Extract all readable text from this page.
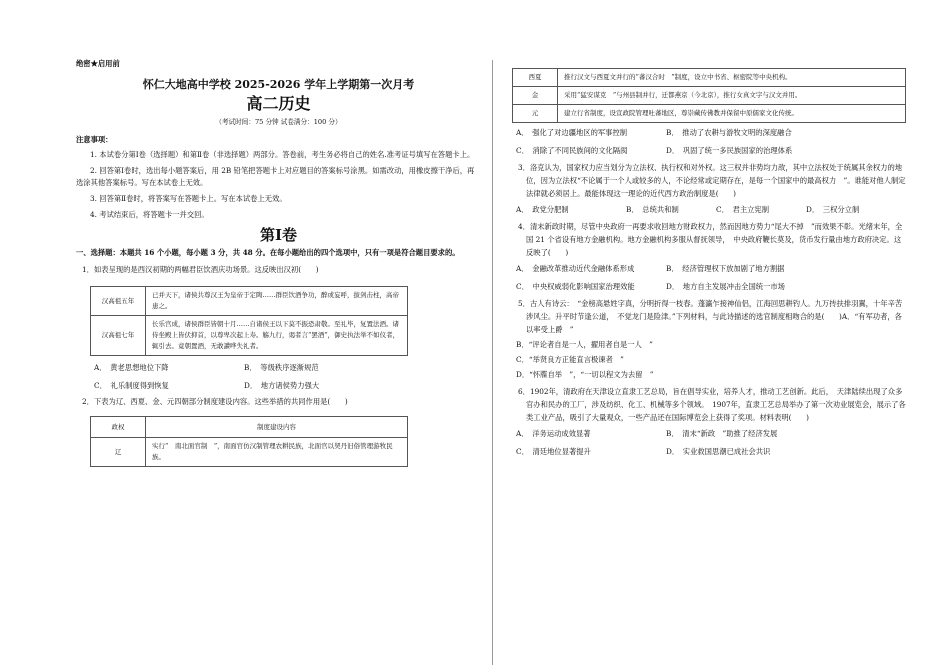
绝密★启用前

怀仁大地高中学校 2025-2026 学年上学期第一次月考

高二历史

（考试时间：75 分钟 试卷满分：100 分）

注意事项：

1. 本试卷分第Ⅰ卷（选择题）和第Ⅱ卷（非选择题）两部分。答卷前，考生务必将自己的姓名.准考证号填写在答题卡上。

2. 回答第Ⅰ卷时，选出每小题答案后，用 2B 铅笔把答题卡上对应题目的答案标号涂黑。如需改动，用橡皮擦干净后，再选涂其他答案标号。写在本试卷上无效。

3. 回答第Ⅱ卷时，将答案写在答题卡上。写在本试卷上无效。

4. 考试结束后，将答题卡一并交回。

第Ⅰ卷

一、选择题：本题共 16 个小题，每小题 3 分，共 48 分。在每小题给出的四个选项中，只有一项是符合题目要求的。

1．如表呈现的是西汉初期的两幅君臣饮酒庆功场景。这反映出汉初(　　)

汉高祖五年	已并天下，诸侯共尊汉王为皇帝于定陶……群臣饮酒争功，醉或妄呼，拔剑击柱，高帝患之。
汉高祖七年	长乐宫成，诸侯群臣皆朝十月……自诸侯王以下莫不振恐肃敬。至礼毕，复置法酒。诸侍坐殿上皆伏抑首，以尊卑次起上寿。觞九行，谒者言“罢酒”，御史执法举不如仪者，辄引去。竟朝置酒，无敢讙哗失礼者。
A．　黄老思想地位下降	B．　等级秩序逐渐规范
C．　礼乐制度得到恢复	D．　地方诸侯势力强大

2．下表为辽、西夏、金、元四朝部分制度建设内容。这些举措的共同作用是(　　)

政权	制度建设内容
辽	实行“　南北面官制　”，南面官仿汉制管理农耕民族，北面官以契丹旧俗管理游牧民族。
西夏	推行汉文与西夏文并行的“蕃汉合时　”制度，设立中书省、枢密院等中央机构。
金	采用“猛安谋克　”与州县制并行，迁都燕京（今北京），推行女真文字与汉文并用。
元	建立行省制度，设宣政院管理吐蕃地区，尊崇藏传佛教并保留中原儒家文化传统。
A．　强化了对边疆地区的军事控制	B．　推动了农耕与游牧文明的深度融合
C．　消除了不同民族间的文化隔阂	D．　巩固了统一多民族国家的治理体系

3．洛克认为，国家权力应当划分为立法权、执行权和对外权。这三权并非势均力敌，其中立法权处于统属其余权力的地位，因为立法权“不论属于一个人或较多的人，不论经常或定期存在，是每一个国家中的最高权力　”。谁能对他人制定法律就必须居上。最能体现这一理论的近代西方政治制度是(　　)

A．　政党分肥制	B．　总统共和制	C．　君主立宪制	D．　三权分立制

4．清末新政时期，尽管中央政府一再要求收回地方财政权力，然而因地方势力“尾大不掉　”而效果不彰。光绪末年，全国 21 个省设有地方金融机构。地方金融机构多服从督抚领导，　中央政府鞭长莫及，货币发行量由地方政府决定。这反映了(　　)

A．　金融改革推动近代金融体系形成	B．　经济管理权下放加剧了地方割据
C．　中央权威弱化影响国家治理效能	D．　地方自主发展冲击全国统一市场

5．古人有诗云：　“金榜高悬姓字真，分明折得一枝春。蓬瀛乍接神仙侣，江海回思耕钓人。九万抟扶排羽翼，十年辛苦涉风尘。升平时节逢公道，　不觉龙门是险津。”下列材料，与此诗描述的选官制度相吻合的是(　　)A．“有军功者，各以率受上爵　”

B．“评论者自是一人，擢用者自是一人　”

C．“举贤良方正能直言极谏者　”

D．“怀牒自举　”，“一切以程文为去留　”

6．1902年，清政府在天津设立直隶工艺总局，旨在倡导实业，培养人才，推动工艺创新。此后，　天津陆续出现了众多官办和民办的工厂，涉及纺织、化工、机械等多个领域。　1907年，直隶工艺总局举办了第一次劝业展览会，展示了各类工业产品，吸引了大量观众，一些产品还在国际博览会上获得了奖项。材料表明(　　)

A．　洋务运动成效显著	B．　清末“新政　”助推了经济发展
C．　清廷地位显著提升	D．　实业救国思潮已成社会共识
